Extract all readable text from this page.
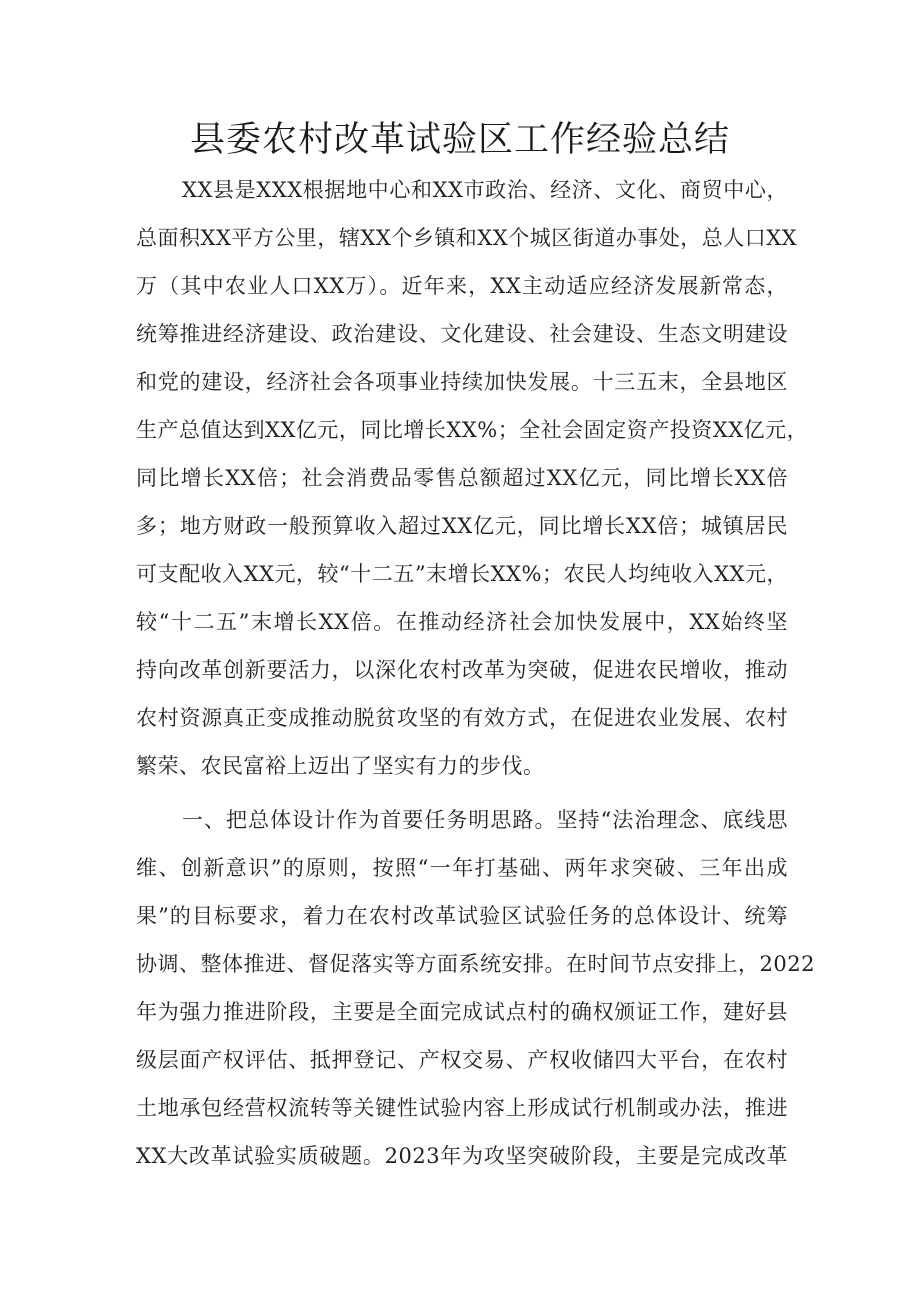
县委农村改革试验区工作经验总结
XX县是XXX根据地中心和XX市政治、经济、文化、商贸中心，
总面积XX平方公里，辖XX个乡镇和XX个城区街道办事处，总人口XX
万（其中农业人口XX万）。近年来，XX主动适应经济发展新常态，
统筹推进经济建设、政治建设、文化建设、社会建设、生态文明建设
和党的建设，经济社会各项事业持续加快发展。十三五末，全县地区
生产总值达到XX亿元，同比增长XX%；全社会固定资产投资XX亿元，
同比增长XX倍；社会消费品零售总额超过XX亿元，同比增长XX倍
多；地方财政一般预算收入超过XX亿元，同比增长XX倍；城镇居民
可支配收入XX元，较“十二五”末增长XX%；农民人均纯收入XX元，
较“十二五”末增长XX倍。在推动经济社会加快发展中，XX始终坚
持向改革创新要活力，以深化农村改革为突破，促进农民增收，推动
农村资源真正变成推动脱贫攻坚的有效方式，在促进农业发展、农村
繁荣、农民富裕上迈出了坚实有力的步伐。
一、把总体设计作为首要任务明思路。坚持“法治理念、底线思
维、创新意识”的原则，按照“一年打基础、两年求突破、三年出成
果”的目标要求，着力在农村改革试验区试验任务的总体设计、统筹
协调、整体推进、督促落实等方面系统安排。在时间节点安排上，2022
年为强力推进阶段，主要是全面完成试点村的确权颁证工作，建好县
级层面产权评估、抵押登记、产权交易、产权收储四大平台，在农村
土地承包经营权流转等关键性试验内容上形成试行机制或办法，推进
XX大改革试验实质破题。2023年为攻坚突破阶段，主要是完成改革
